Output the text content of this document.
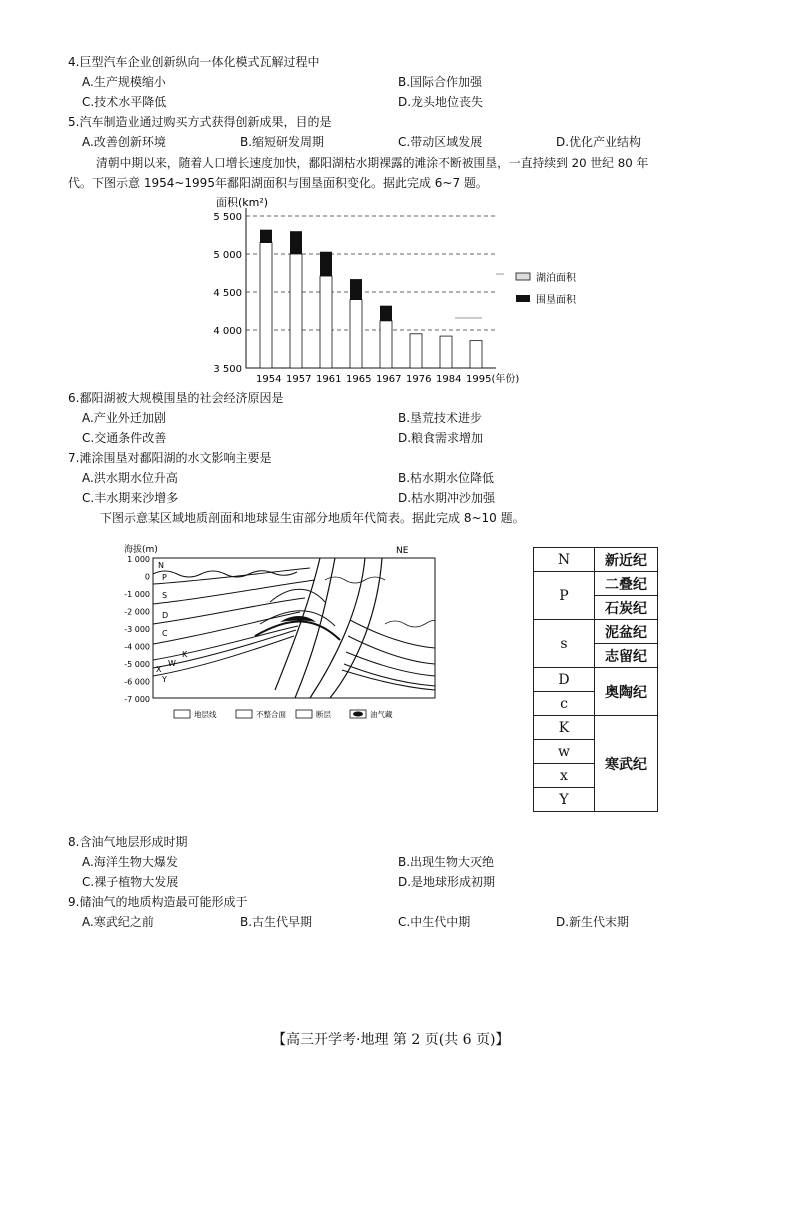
4.巨型汽车企业创新纵向一体化模式瓦解过程中
A.生产规模缩小	B.国际合作加强
C.技术水平降低	D.龙头地位丧失
5.汽车制造业通过购买方式获得创新成果，目的是
A.改善创新环境	B.缩短研发周期	C.带动区域发展	D.优化产业结构
清朝中期以来，随着人口增长速度加快，鄱阳湖枯水期裸露的滩涂不断被围垦，一直持续到 20 世纪 80 年
代。下图示意 1954~1995年鄱阳湖面积与围垦面积变化。据此完成 6~7 题。
面积(km²)
3 500
4 000
4 500
5 000
5 500
1954 1957 1961 1965 1967 1976 1984 1995(年份)
湖泊面积
围垦面积
6.鄱阳湖被大规模围垦的社会经济原因是
A.产业外迁加剧	B.垦荒技术进步
C.交通条件改善	D.粮食需求增加
7.滩涂围垦对鄱阳湖的水文影响主要是
A.洪水期水位升高	B.枯水期水位降低
C.丰水期来沙增多	D.枯水期冲沙加强
下图示意某区域地质剖面和地球显生宙部分地质年代简表。据此完成 8~10 题。
海拔(m)	NE
1 000
0
-1 000
-2 000
-3 000
-4 000
-5 000
-6 000
-7 000
N
P
S
D
C
K
W
X
Y
地层线	不整合面	断层	油气藏
N	新近纪
P	二叠纪
	石炭纪
s	泥盆纪
	志留纪
D	奥陶纪
c	
K	寒武纪
w	
x	
Y	
8.含油气地层形成时期
A.海洋生物大爆发	B.出现生物大灭绝
C.裸子植物大发展	D.是地球形成初期
9.储油气的地质构造最可能形成于
A.寒武纪之前	B.古生代早期	C.中生代中期	D.新生代末期
【高三开学考·地理 第 2 页(共 6 页)】
